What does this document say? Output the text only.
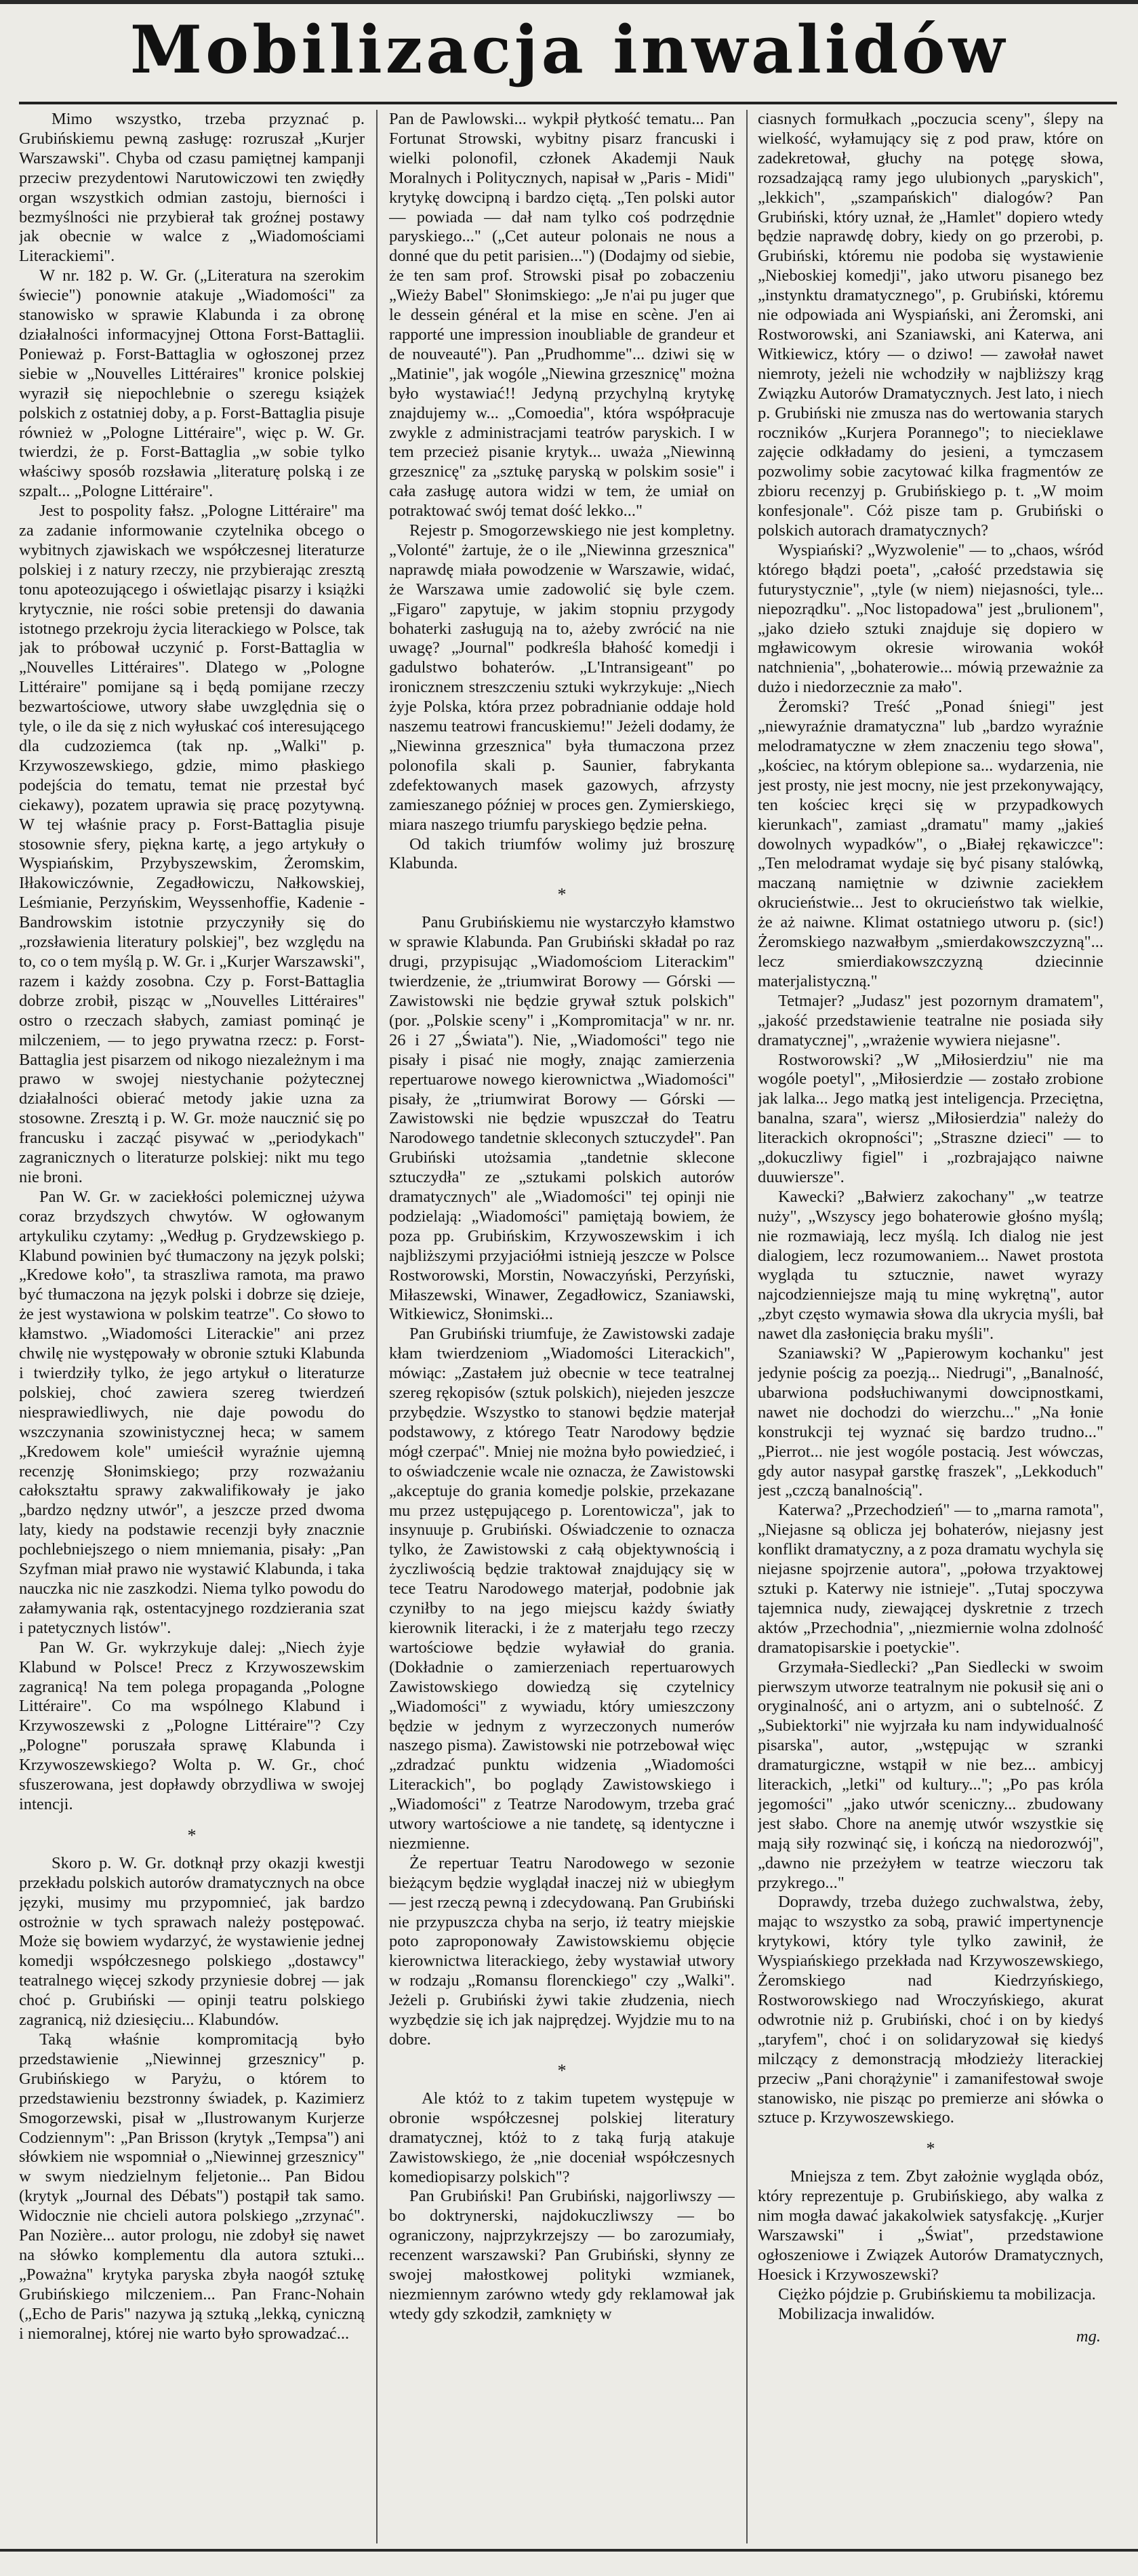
Mobilizacja inwalidów

Mimo wszystko, trzeba przyznać p. Grubińskiemu pewną zasługę: rozruszał „Kurjer Warszawski". Chyba od czasu pamiętnej kampanji przeciw prezydentowi Narutowiczowi ten zwiędły organ wszystkich odmian zastoju, bierności i bezmyślności nie przybierał tak groźnej postawy jak obecnie w walce z „Wiadomościami Literackiemi".

W nr. 182 p. W. Gr. („Literatura na szerokim świecie") ponownie atakuje „Wiadomości" za stanowisko w sprawie Klabunda i za obronę działalności informacyjnej Ottona Forst-Battaglii. Ponieważ p. Forst-Battaglia w ogłoszonej przez siebie w „Nouvelles Littéraires" kronice polskiej wyraził się niepochlebnie o szeregu książek polskich z ostatniej doby, a p. Forst-Battaglia pisuje również w „Pologne Littéraire", więc p. W. Gr. twierdzi, że p. Forst-Battaglia „w sobie tylko właściwy sposób rozsławia „literaturę polską i ze szpalt... „Pologne Littéraire".

Jest to pospolity fałsz. „Pologne Littéraire" ma za zadanie informowanie czytelnika obcego o wybitnych zjawiskach we współczesnej literaturze polskiej i z natury rzeczy, nie przybierając zresztą tonu apoteozującego i oświetlając pisarzy i książki krytycznie, nie rości sobie pretensji do dawania istotnego przekroju życia literackiego w Polsce, tak jak to próbował uczynić p. Forst-Battaglia w „Nouvelles Littéraires". Dlatego w „Pologne Littéraire" pomijane są i będą pomijane rzeczy bezwartościowe, utwory słabe uwzględnia się o tyle, o ile da się z nich wyłuskać coś interesującego dla cudzoziemca (tak np. „Walki" p. Krzywoszewskiego, gdzie, mimo płaskiego podejścia do tematu, temat nie przestał być ciekawy), pozatem uprawia się pracę pozytywną. W tej właśnie pracy p. Forst-Battaglia pisuje stosownie sfery, piękna kartę, a jego artykuły o Wyspiańskim, Przybyszewskim, Żeromskim, Iłłakowiczównie, Zegadłowiczu, Nałkowskiej, Leśmianie, Perzyńskim, Weyssenhoffie, Kadenie - Bandrowskim istotnie przyczyniły się do „rozsławienia literatury polskiej", bez względu na to, co o tem myślą p. W. Gr. i „Kurjer Warszawski", razem i każdy zosobna. Czy p. Forst-Battaglia dobrze zrobił, pisząc w „Nouvelles Littéraires" ostro o rzeczach słabych, zamiast pominąć je milczeniem, — to jego prywatna rzecz: p. Forst-Battaglia jest pisarzem od nikogo niezależnym i ma prawo w swojej niestychanie pożytecznej działalności obierać metody jakie uzna za stosowne. Zresztą i p. W. Gr. może naucznić się po francusku i zacząć pisywać w „periodykach" zagranicznych o literaturze polskiej: nikt mu tego nie broni.

Pan W. Gr. w zaciekłości polemicznej używa coraz brzydszych chwytów. W ogłowanym artykuliku czytamy: „Według p. Grydzewskiego p. Klabund powinien być tłumaczony na język polski; „Kredowe koło", ta straszliwa ramota, ma prawo być tłumaczona na język polski i dobrze się dzieje, że jest wystawiona w polskim teatrze". Co słowo to kłamstwo. „Wiadomości Literackie" ani przez chwilę nie występowały w obronie sztuki Klabunda i twierdziły tylko, że jego artykuł o literaturze polskiej, choć zawiera szereg twierdzeń niesprawiedliwych, nie daje powodu do wszczynania szowinistycznej heca; w samem „Kredowem kole" umieścił wyraźnie ujemną recenzję Słonimskiego; przy rozważaniu całokształtu sprawy zakwalifikowały je jako „bardzo nędzny utwór", a jeszcze przed dwoma laty, kiedy na podstawie recenzji były znacznie pochlebniejszego o niem mniemania, pisały: „Pan Szyfman miał prawo nie wystawić Klabunda, i taka nauczka nic nie zaszkodzi. Niema tylko powodu do załamywania rąk, ostentacyjnego rozdzierania szat i patetycznych listów".

Pan W. Gr. wykrzykuje dalej: „Niech żyje Klabund w Polsce! Precz z Krzywoszewskim zagranicą! Na tem polega propaganda „Pologne Littéraire". Co ma wspólnego Klabund i Krzywoszewski z „Pologne Littéraire"? Czy „Pologne" poruszała sprawę Klabunda i Krzywoszewskiego? Wolta p. W. Gr., choć sfuszerowana, jest dopławdy obrzydliwa w swojej intencji.

*

Skoro p. W. Gr. dotknął przy okazji kwestji przekładu polskich autorów dramatycznych na obce języki, musimy mu przypomnieć, jak bardzo ostrożnie w tych sprawach należy postępować. Może się bowiem wydarzyć, że wystawienie jednej komedji współczesnego polskiego „dostawcy" teatralnego więcej szkody przyniesie dobrej — jak choć p. Grubiński — opinji teatru polskiego zagranicą, niż dziesięciu... Klabundów.

Taką właśnie kompromitacją było przedstawienie „Niewinnej grzesznicy" p. Grubińskiego w Paryżu, o którem to przedstawieniu bezstronny świadek, p. Kazimierz Smogorzewski, pisał w „Ilustrowanym Kurjerze Codziennym": „Pan Brisson (krytyk „Tempsa") ani słówkiem nie wspomniał o „Niewinnej grzesznicy" w swym niedzielnym feljetonie... Pan Bidou (krytyk „Journal des Débats") postąpił tak samo. Widocznie nie chcieli autora polskiego „zrzynać". Pan Nozière... autor prologu, nie zdobył się nawet na słówko komplementu dla autora sztuki... „Poważna" krytyka paryska zbyła naogół sztukę Grubińskiego milczeniem... Pan Franc-Nohain („Echo de Paris" nazywa ją sztuką „lekką, cyniczną i niemoralnej, której nie warto było sprowadzać...

Pan de Pawlowski... wykpił płytkość tematu... Pan Fortunat Strowski, wybitny pisarz francuski i wielki polonofil, członek Akademji Nauk Moralnych i Politycznych, napisał w „Paris - Midi" krytykę dowcipną i bardzo ciętą. „Ten polski autor — powiada — dał nam tylko coś podrzędnie paryskiego..." („Cet auteur polonais ne nous a donné que du petit parisien...") (Dodajmy od siebie, że ten sam prof. Strowski pisał po zobaczeniu „Wieży Babel" Słonimskiego: „Je n'ai pu juger que le dessein général et la mise en scène. J'en ai rapporté une impression inoubliable de grandeur et de nouveauté"). Pan „Prudhomme"... dziwi się w „Matinie", jak wogóle „Niewina grzesznicę" można było wystawiać!! Jedyną przychylną krytykę znajdujemy w... „Comoedia", która współpracuje zwykle z administracjami teatrów paryskich. I w tem przecież pisanie krytyk... uważa „Niewinną grzesznicę" za „sztukę paryską w polskim sosie" i cała zasługę autora widzi w tem, że umiał on potraktować swój temat dość lekko..."

Rejestr p. Smogorzewskiego nie jest kompletny. „Volonté" żartuje, że o ile „Niewinna grzesznica" naprawdę miała powodzenie w Warszawie, widać, że Warszawa umie zadowolić się byle czem. „Figaro" zapytuje, w jakim stopniu przygody bohaterki zasługują na to, ażeby zwrócić na nie uwagę? „Journal" podkreśla błahość komedji i gadulstwo bohaterów. „L'Intransigeant" po ironicznem streszczeniu sztuki wykrzykuje: „Niech żyje Polska, która przez pobradnianie oddaje hold naszemu teatrowi francuskiemu!" Jeżeli dodamy, że „Niewinna grzesznica" była tłumaczona przez polonofila skali p. Saunier, fabrykanta zdefektowanych masek gazowych, afrzysty zamieszanego później w proces gen. Zymierskiego, miara naszego triumfu paryskiego będzie pełna.

Od takich triumfów wolimy już broszurę Klabunda.

*

Panu Grubińskiemu nie wystarczyło kłamstwo w sprawie Klabunda. Pan Grubiński składał po raz drugi, przypisując „Wiadomościom Literackim" twierdzenie, że „triumwirat Borowy — Górski — Zawistowski nie będzie grywał sztuk polskich" (por. „Polskie sceny" i „Kompromitacja" w nr. nr. 26 i 27 „Świata"). Nie, „Wiadomości" tego nie pisały i pisać nie mogły, znając zamierzenia repertuarowe nowego kierownictwa „Wiadomości" pisały, że „triumwirat Borowy — Górski — Zawistowski nie będzie wpuszczał do Teatru Narodowego tandetnie skleconych sztuczydeł". Pan Grubiński utożsamia „tandetnie sklecone sztuczydła" ze „sztukami polskich autorów dramatycznych" ale „Wiadomości" tej opinji nie podzielają: „Wiadomości" pamiętają bowiem, że poza pp. Grubińskim, Krzywoszewskim i ich najbliższymi przyjaciółmi istnieją jeszcze w Polsce Rostworowski, Morstin, Nowaczyński, Perzyński, Miłaszewski, Winawer, Zegadłowicz, Szaniawski, Witkiewicz, Słonimski...

Pan Grubiński triumfuje, że Zawistowski zadaje kłam twierdzeniom „Wiadomości Literackich", mówiąc: „Zastałem już obecnie w tece teatralnej szereg rękopisów (sztuk polskich), niejeden jeszcze przybędzie. Wszystko to stanowi będzie materjał podstawowy, z którego Teatr Narodowy będzie mógł czerpać". Mniej nie można było powiedzieć, i to oświadczenie wcale nie oznacza, że Zawistowski „akceptuje do grania komedje polskie, przekazane mu przez ustępującego p. Lorentowicza", jak to insynuuje p. Grubiński. Oświadczenie to oznacza tylko, że Zawistowski z całą objektywnością i życzliwością będzie traktował znajdujący się w tece Teatru Narodowego materjał, podobnie jak czyniłby to na jego miejscu każdy światły kierownik literacki, i że z materjału tego rzeczy wartościowe będzie wyławiał do grania. (Dokładnie o zamierzeniach repertuarowych Zawistowskiego dowiedzą się czytelnicy „Wiadomości" z wywiadu, który umieszczony będzie w jednym z wyrzeczonych numerów naszego pisma). Zawistowski nie potrzebował więc „zdradzać punktu widzenia „Wiadomości Literackich", bo poglądy Zawistowskiego i „Wiadomości" z Teatrze Narodowym, trzeba grać utwory wartościowe a nie tandetę, są identyczne i niezmienne.

Że repertuar Teatru Narodowego w sezonie bieżącym będzie wyglądał inaczej niż w ubiegłym — jest rzeczą pewną i zdecydowaną. Pan Grubiński nie przypuszcza chyba na serjo, iż teatry miejskie poto zaproponowały Zawistowskiemu objęcie kierownictwa literackiego, żeby wystawiał utwory w rodzaju „Romansu florenckiego" czy „Walki". Jeżeli p. Grubiński żywi takie złudzenia, niech wyzbędzie się ich jak najprędzej. Wyjdzie mu to na dobre.

*

Ale któż to z takim tupetem występuje w obronie współczesnej polskiej literatury dramatycznej, któż to z taką furją atakuje Zawistowskiego, że „nie doceniał współczesnych komediopisarzy polskich"?

Pan Grubiński! Pan Grubiński, najgorliwszy — bo doktrynerski, najdokuczliwszy — bo ograniczony, najprzykrzejszy — bo zarozumiały, recenzent warszawski? Pan Grubiński, słynny ze swojej małostkowej polityki wzmianek, niezmiennym zarówno wtedy gdy reklamował jak wtedy gdy szkodził, zamknięty w

ciasnych formułkach „poczucia sceny", ślepy na wielkość, wyłamujący się z pod praw, które on zadekretował, głuchy na potęgę słowa, rozsadzającą ramy jego ulubionych „paryskich", „lekkich", „szampańskich" dialogów? Pan Grubiński, który uznał, że „Hamlet" dopiero wtedy będzie naprawdę dobry, kiedy on go przerobi, p. Grubiński, któremu nie podoba się wystawienie „Nieboskiej komedji", jako utworu pisanego bez „instynktu dramatycznego", p. Grubiński, któremu nie odpowiada ani Wyspiański, ani Żeromski, ani Rostworowski, ani Szaniawski, ani Katerwa, ani Witkiewicz, który — o dziwo! — zawołał nawet niemroty, jeżeli nie wchodziły w najbliższy krąg Związku Autorów Dramatycznych. Jest lato, i niech p. Grubiński nie zmusza nas do wertowania starych roczników „Kurjera Porannego"; to niecieklawe zajęcie odkładamy do jesieni, a tymczasem pozwolimy sobie zacytować kilka fragmentów ze zbioru recenzyj p. Grubińskiego p. t. „W moim konfesjonale". Cóż pisze tam p. Grubiński o polskich autorach dramatycznych?

Wyspiański? „Wyzwolenie" — to „chaos, wśród którego błądzi poeta", „całość przedstawia się futurystycznie", „tyle (w niem) niejasności, tyle... niepozrądku". „Noc listopadowa" jest „brulionem", „jako dzieło sztuki znajduje się dopiero w mgławicowym okresie wirowania wokół natchnienia", „bohaterowie... mówią przeważnie za dużo i niedorzecznie za mało".

Żeromski? Treść „Ponad śniegi" jest „niewyraźnie dramatyczna" lub „bardzo wyraźnie melodramatyczne w złem znaczeniu tego słowa", „kościec, na którym oblepione sa... wydarzenia, nie jest prosty, nie jest mocny, nie jest przekonywający, ten kościec kręci się w przypadkowych kierunkach", zamiast „dramatu" mamy „jakieś dowolnych wypadków", o „Białej rękawiczce": „Ten melodramat wydaje się być pisany stalówką, maczaną namiętnie w dziwnie zaciekłem okrucieństwie... Jest to okrucieństwo tak wielkie, że aż naiwne. Klimat ostatniego utworu p. (sic!) Żeromskiego nazwałbym „smierdakowszczyzną"... lecz smierdiakowszczyzną dziecinnie materjalistyczną."

Tetmajer? „Judasz" jest pozornym dramatem", „jakość przedstawienie teatralne nie posiada siły dramatycznej", „wrażenie wywiera niejasne".

Rostworowski? „W „Miłosierdziu" nie ma wogóle poetyl", „Miłosierdzie — zostało zrobione jak lalka... Jego matką jest inteligencja. Przeciętna, banalna, szara", wiersz „Miłosierdzia" należy do literackich okropności"; „Straszne dzieci" — to „dokuczliwy figiel" i „rozbrajająco naiwne duuwiersze".

Kawecki? „Bałwierz zakochany" „w teatrze nuży", „Wszyscy jego bohaterowie głośno myślą; nie rozmawiają, lecz myślą. Ich dialog nie jest dialogiem, lecz rozumowaniem... Nawet prostota wygląda tu sztucznie, nawet wyrazy najcodzienniejsze mają tu minę wykrętną", autor „zbyt często wymawia słowa dla ukrycia myśli, bał nawet dla zasłonięcia braku myśli".

Szaniawski? W „Papierowym kochanku" jest jedynie pościg za poezją... Niedrugi", „Banalność, ubarwiona podsłuchiwanymi dowcipnostkami, nawet nie dochodzi do wierzchu..." „Na łonie konstrukcji tej wyznać się bardzo trudno..." „Pierrot... nie jest wogóle postacią. Jest wówczas, gdy autor nasypał garstkę fraszek", „Lekkoduch" jest „czczą banalnością".

Katerwa? „Przechodzień" — to „marna ramota", „Niejasne są oblicza jej bohaterów, niejasny jest konflikt dramatyczny, a z poza dramatu wychyla się niejasne spojrzenie autora", „połowa trzyaktowej sztuki p. Katerwy nie istnieje". „Tutaj spoczywa tajemnica nudy, ziewającej dyskretnie z trzech aktów „Przechodnia", „niezmiernie wolna zdolność dramatopisarskie i poetyckie".

Grzymała-Siedlecki? „Pan Siedlecki w swoim pierwszym utworze teatralnym nie pokusił się ani o oryginalność, ani o artyzm, ani o subtelność. Z „Subiektorki" nie wyjrzała ku nam indywidualność pisarska", autor, „wstępując w szranki dramaturgiczne, wstąpił w nie bez... ambicyj literackich, „letki" od kultury..."; „Po pas króla jegomości" „jako utwór sceniczny... zbudowany jest słabo. Chore na anemję utwór wszystkie się mają siły rozwinąć się, i kończą na niedorozwój", „dawno nie przeżyłem w teatrze wieczoru tak przykrego..."

Doprawdy, trzeba dużego zuchwalstwa, żeby, mając to wszystko za sobą, prawić impertynencje krytykowi, który tyle tylko zawinił, że Wyspiańskiego przekłada nad Krzywoszewskiego, Żeromskiego nad Kiedrzyńskiego, Rostworowskiego nad Wroczyńskiego, akurat odwrotnie niż p. Grubiński, choć i on by kiedyś „taryfem", choć i on solidaryzował się kiedyś milczący z demonstracją młodzieży literackiej przeciw „Pani chorążynie" i zamanifestował swoje stanowisko, nie pisząc po premierze ani słówka o sztuce p. Krzywoszewskiego.

*

Mniejsza z tem. Zbyt założnie wygląda obóz, który reprezentuje p. Grubińskiego, aby walka z nim mogła dawać jakakolwiek satysfakcję. „Kurjer Warszawski" i „Świat", przedstawione ogłoszeniowe i Związek Autorów Dramatycznych, Hoesick i Krzywoszewski?

Ciężko pójdzie p. Grubińskiemu ta mobilizacja.

Mobilizacja inwalidów.

mg.
